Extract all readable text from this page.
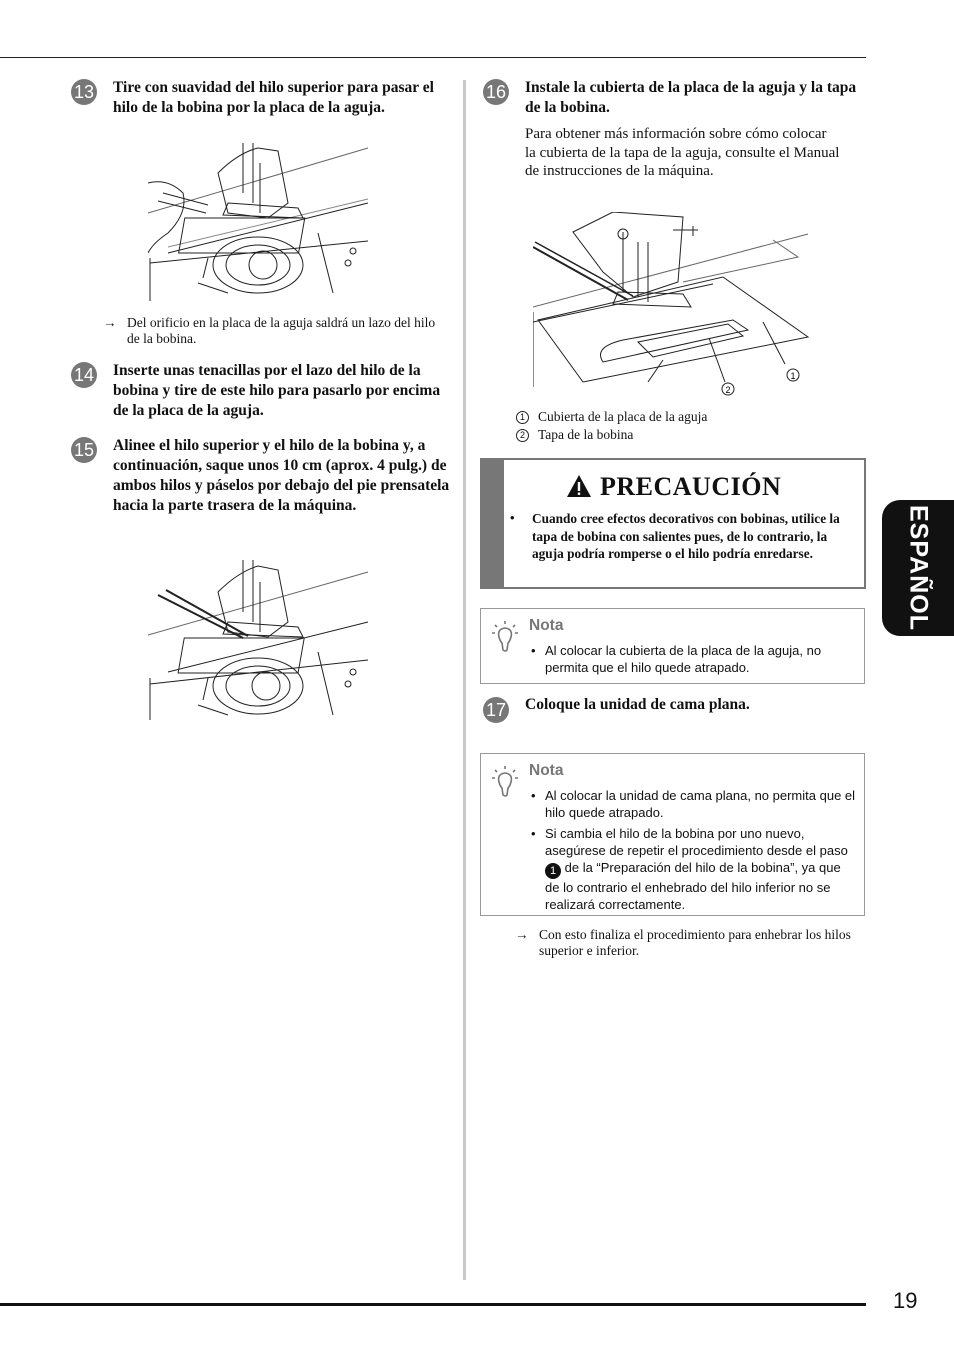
13 Tire con suavidad del hilo superior para pasar el hilo de la bobina por la placa de la aguja.
→ Del orificio en la placa de la aguja saldrá un lazo del hilo de la bobina.
14 Inserte unas tenacillas por el lazo del hilo de la bobina y tire de este hilo para pasarlo por encima de la placa de la aguja.
15 Alinee el hilo superior y el hilo de la bobina y, a continuación, saque unos 10 cm (aprox. 4 pulg.) de ambos hilos y páselos por debajo del pie prensatela hacia la parte trasera de la máquina.
16 Instale la cubierta de la placa de la aguja y la tapa de la bobina.
Para obtener más información sobre cómo colocar la cubierta de la tapa de la aguja, consulte el Manual de instrucciones de la máquina.
2
1
1 Cubierta de la placa de la aguja
2 Tapa de la bobina
PRECAUCIÓN
• Cuando cree efectos decorativos con bobinas, utilice la tapa de bobina con salientes pues, de lo contrario, la aguja podría romperse o el hilo podría enredarse.
Nota
• Al colocar la cubierta de la placa de la aguja, no permita que el hilo quede atrapado.
17 Coloque la unidad de cama plana.
Nota
• Al colocar la unidad de cama plana, no permita que el hilo quede atrapado.
• Si cambia el hilo de la bobina por uno nuevo, asegúrese de repetir el procedimiento desde el paso 1 de la “Preparación del hilo de la bobina”, ya que de lo contrario el enhebrado del hilo inferior no se realizará correctamente.
→ Con esto finaliza el procedimiento para enhebrar los hilos superior e inferior.
ESPAÑOL
19
